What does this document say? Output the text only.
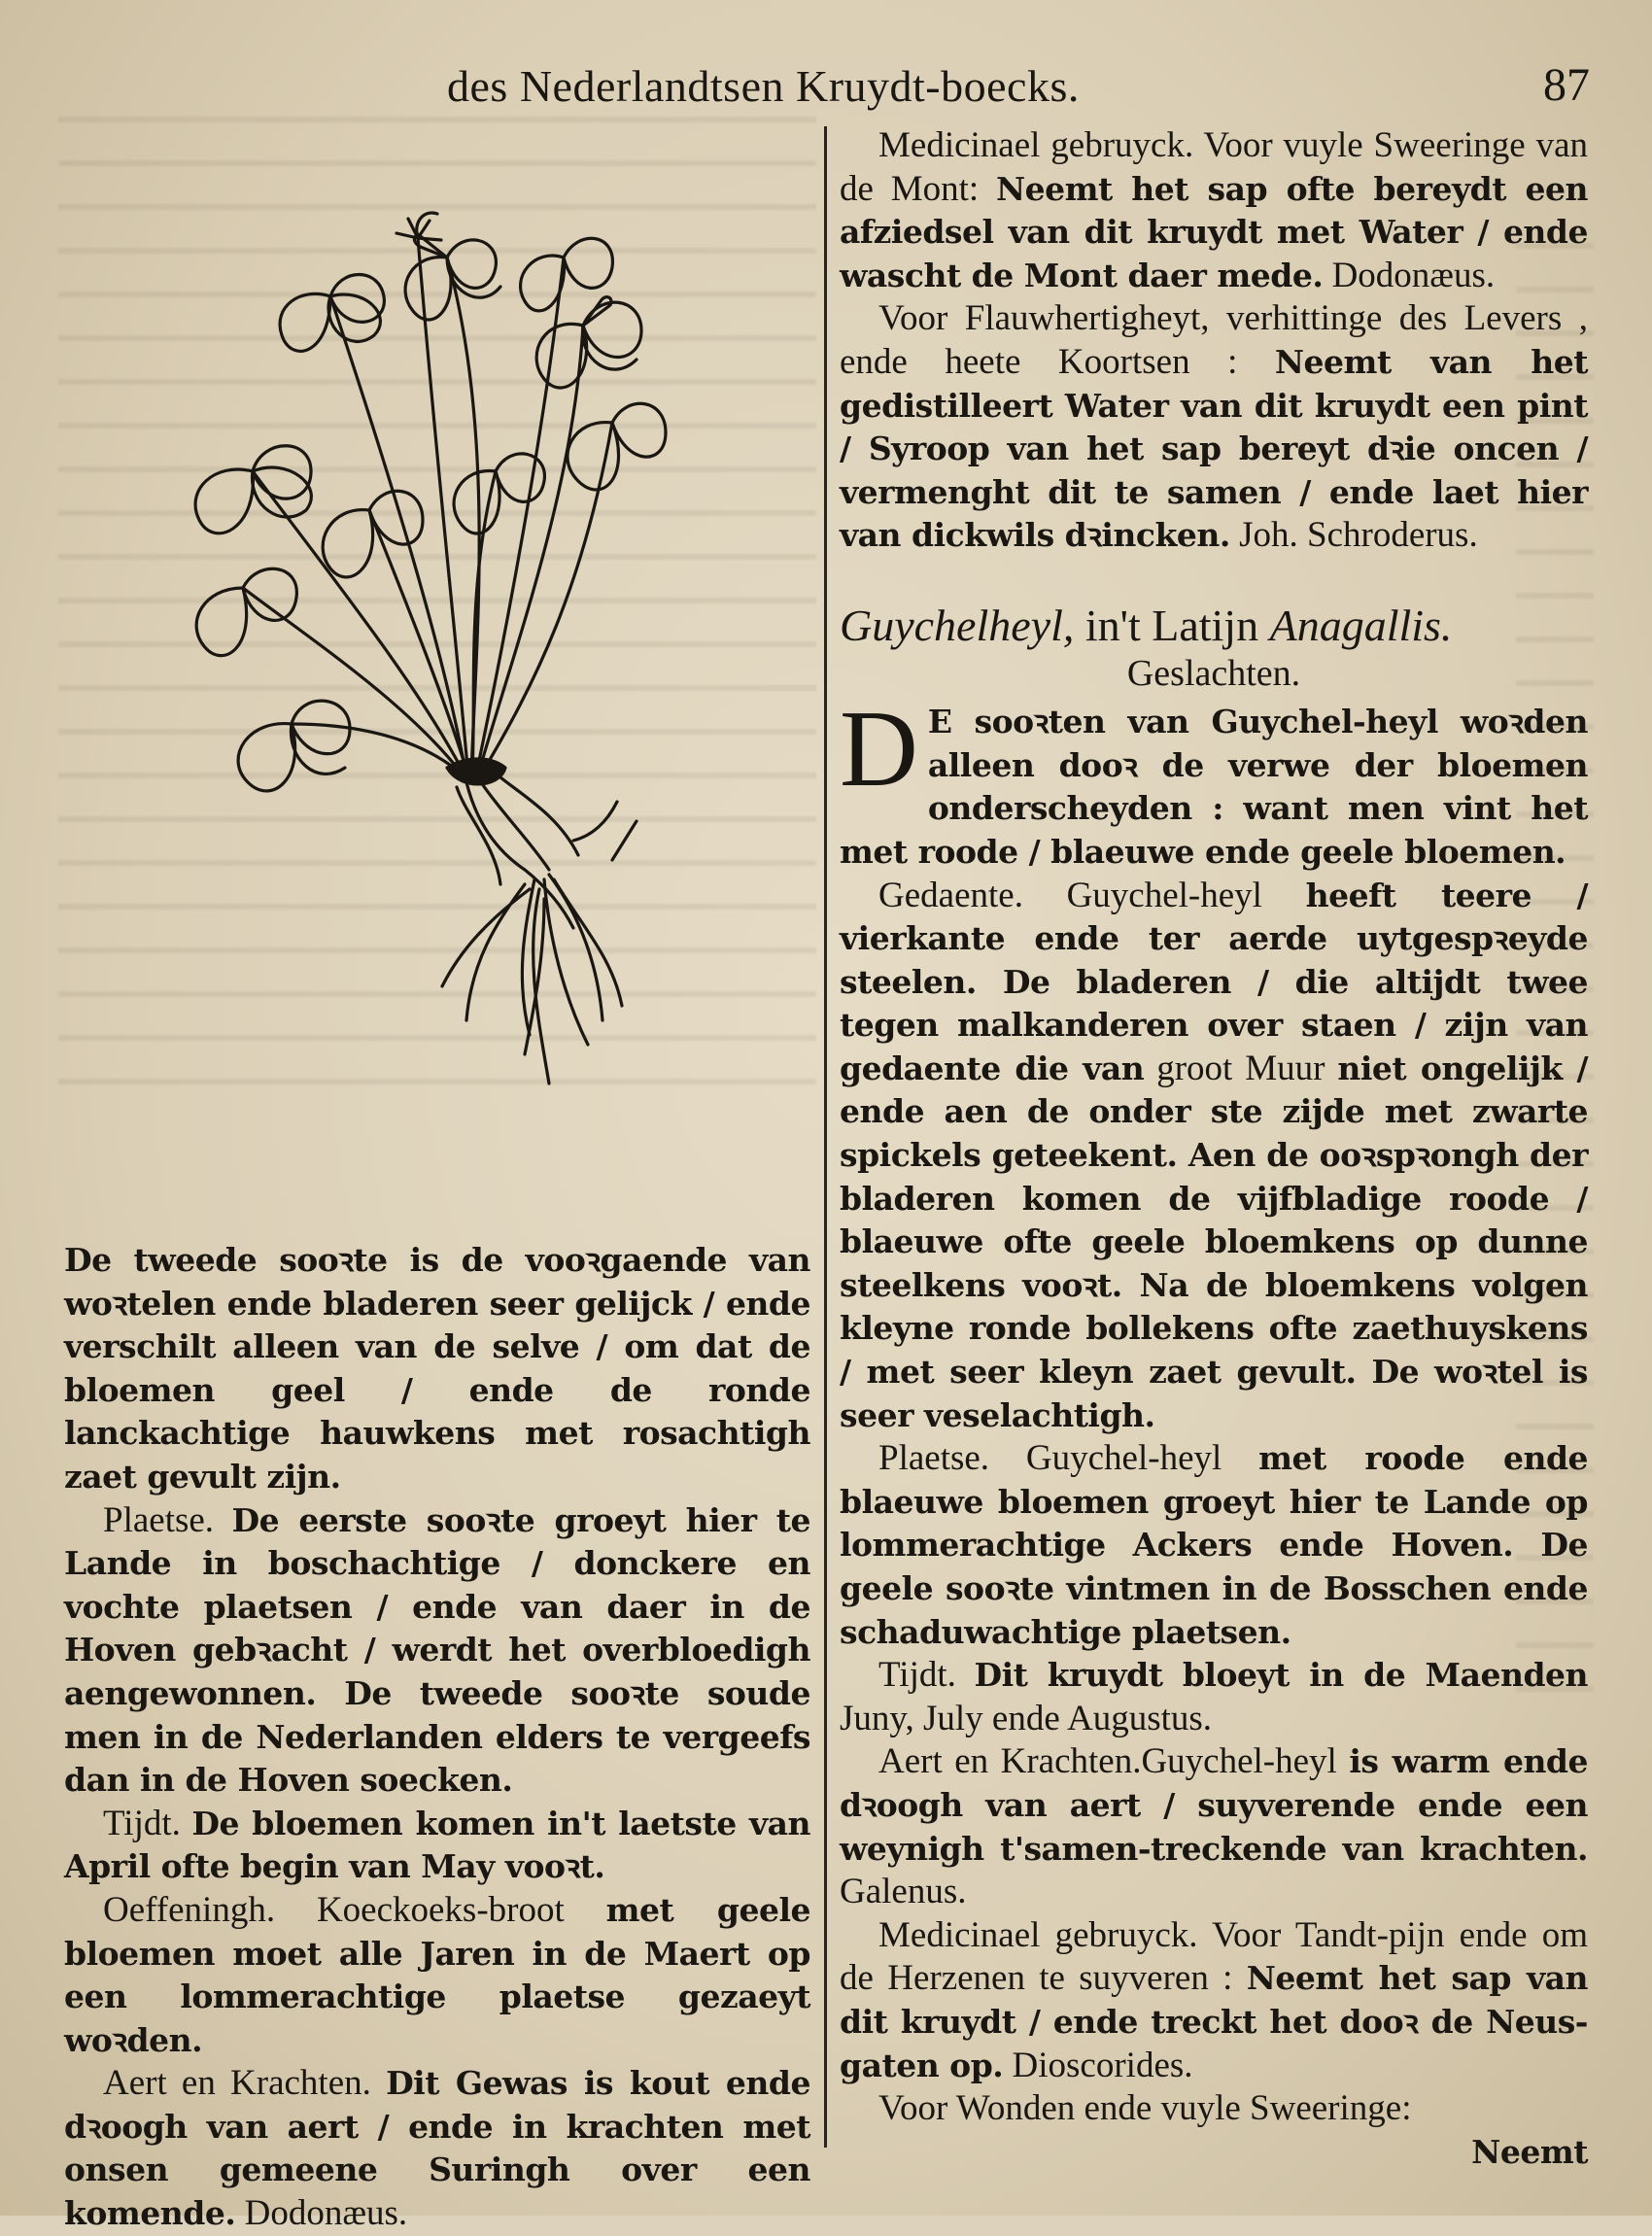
des Nederlandtsen Kruydt-boecks.	87

De tweede sooꝛte is de vooꝛgaende van woꝛtelen ende bladeren seer gelijck / ende verschilt alleen van de selve / om dat de bloemen geel / ende de ronde lanckachtige hauwkens met rosachtigh zaet gevult zijn.

Plaetse. De eerste sooꝛte groeyt hier te Lande in boschachtige / donckere en vochte plaetsen / ende van daer in de Hoven gebꝛacht / werdt het overbloedigh aengewonnen. De tweede sooꝛte soude men in de Nederlanden elders te vergeefs dan in de Hoven soecken.

Tijdt. De bloemen komen in't laetste van April ofte begin van May vooꝛt.

Oeffeningh. Koeckoeks-broot met geele bloemen moet alle Jaren in de Maert op een lommerachtige plaetse gezaeyt woꝛden.

Aert en Krachten. Dit Gewas is kout ende dꝛoogh van aert / ende in krachten met onsen gemeene Suringh over een komende. Dodonæus.

Medicinael gebruyck. Voor vuyle Sweeringe van de Mont: Neemt het sap ofte bereydt een afziedsel van dit kruydt met Water / ende wascht de Mont daer mede. Dodonæus.

Voor Flauwhertigheyt, verhittinge des Levers , ende heete Koortsen : Neemt van het gedistilleert Water van dit kruydt een pint / Syroop van het sap bereyt dꝛie oncen / vermenght dit te samen / ende laet hier van dickwils dꝛincken. Joh. Schroderus.

Guychelheyl, in't Latijn Anagallis.

Geslachten.

D E sooꝛten van Guychel-heyl woꝛden alleen dooꝛ de verwe der bloemen onderscheyden : want men vint het met roode / blaeuwe ende geele bloemen.

Gedaente. Guychel-heyl heeft teere / vierkante ende ter aerde uytgespꝛeyde steelen. De bladeren / die altijdt twee tegen malkanderen over staen / zijn van gedaente die van groot Muur niet ongelijk / ende aen de onder ste zijde met zwarte spickels geteekent. Aen de ooꝛspꝛongh der bladeren komen de vijfbladige roode / blaeuwe ofte geele bloemkens op dunne steelkens vooꝛt. Na de bloemkens volgen kleyne ronde bollekens ofte zaethuyskens / met seer kleyn zaet gevult. De woꝛtel is seer veselachtigh.

Plaetse. Guychel-heyl met roode ende blaeuwe bloemen groeyt hier te Lande op lommerachtige Ackers ende Hoven. De geele sooꝛte vintmen in de Bosschen ende schaduwachtige plaetsen.

Tijdt. Dit kruydt bloeyt in de Maenden Juny, July ende Augustus.

Aert en Krachten.Guychel-heyl is warm ende dꝛoogh van aert / suyverende ende een weynigh t'samen-treckende van krachten. Galenus.

Medicinael gebruyck. Voor Tandt-pijn ende om de Herzenen te suyveren : Neemt het sap van dit kruydt / ende treckt het dooꝛ de Neus-gaten op. Dioscorides.

Voor Wonden ende vuyle Sweeringe:

Neemt
